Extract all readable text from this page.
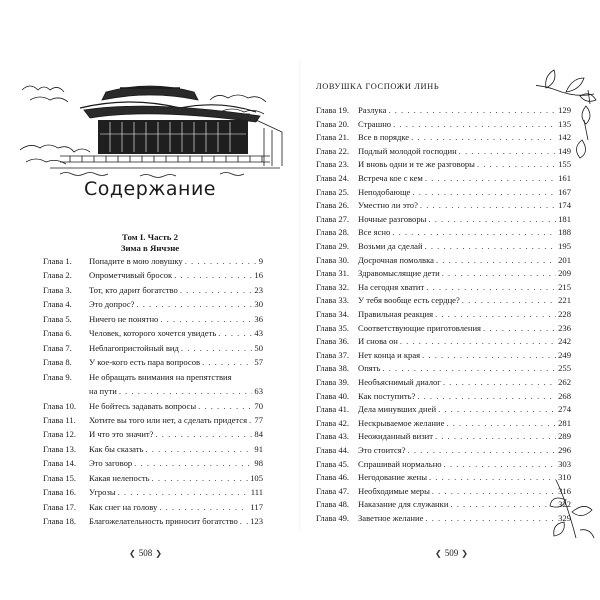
Содержание
Том I. Часть 2
Зима в Янчэне
Глава 1.	Попадите в мою ловушку . . .	9
Глава 2.	Опрометчивый бросок . . .	16
Глава 3.	Тот, кто дарит богатство . . .	23
Глава 4.	Это допрос? . . .	30
Глава 5.	Ничего не понятно . . .	36
Глава 6.	Человек, которого хочется увидеть . . .	43
Глава 7.	Неблагопристойный вид . . .	50
Глава 8.	У кое-кого есть пара вопросов . . .	57
Глава 9.	Не обращать внимания на препятствия
на пути . . .	63
Глава 10.	Не бойтесь задавать вопросы . . .	70
Глава 11.	Хотите вы того или нет, а сделать придется . . . 77
Глава 12.	И что это значит? . . .	84
Глава 13.	Как бы сказать . . .	91
Глава 14.	Это заговор . . .	98
Глава 15.	Какая нелепость . . .	105
Глава 16.	Угрозы . . .	111
Глава 17.	Как снег на голову . . .	117
Глава 18.	Благожелательность приносит богатство . . . 123
❮ 508 ❯
ЛОВУШКА ГОСПОЖИ ЛИНЬ
Глава 19.	Разлука . . .	129
Глава 20.	Страшно . . .	135
Глава 21.	Все в порядке . . .	142
Глава 22.	Подлый молодой господин . . .	149
Глава 23.	И вновь одни и те же разговоры . . .	155
Глава 24.	Встреча кое с кем . . .	161
Глава 25.	Неподобающе . . .	167
Глава 26.	Уместно ли это? . . .	174
Глава 27.	Ночные разговоры . . .	181
Глава 28.	Все ясно . . .	188
Глава 29.	Возьми да сделай . . .	195
Глава 30.	Досрочная помолвка . . .	201
Глава 31.	Здравомыслящие дети . . .	209
Глава 32.	На сегодня хватит . . .	215
Глава 33.	У тебя вообще есть сердце? . . .	221
Глава 34.	Правильная реакция . . .	228
Глава 35.	Соответствующие приготовления . . .	236
Глава 36.	И снова он . . .	242
Глава 37.	Нет конца и края . . .	249
Глава 38.	Опять . . .	255
Глава 39.	Необъяснимый диалог . . .	262
Глава 40.	Как поступить? . . .	268
Глава 41.	Дела минувших дней . . .	274
Глава 42.	Нескрываемое желание . . .	281
Глава 43.	Неожиданный визит . . .	289
Глава 44.	Это стоится? . . .	296
Глава 45.	Спрашивай нормально . . .	303
Глава 46.	Негодование жены . . .	310
Глава 47.	Необходимые меры . . .	316
Глава 48.	Наказание для служанки . . .	322
Глава 49.	Заветное желание . . .	329
❮ 509 ❯
